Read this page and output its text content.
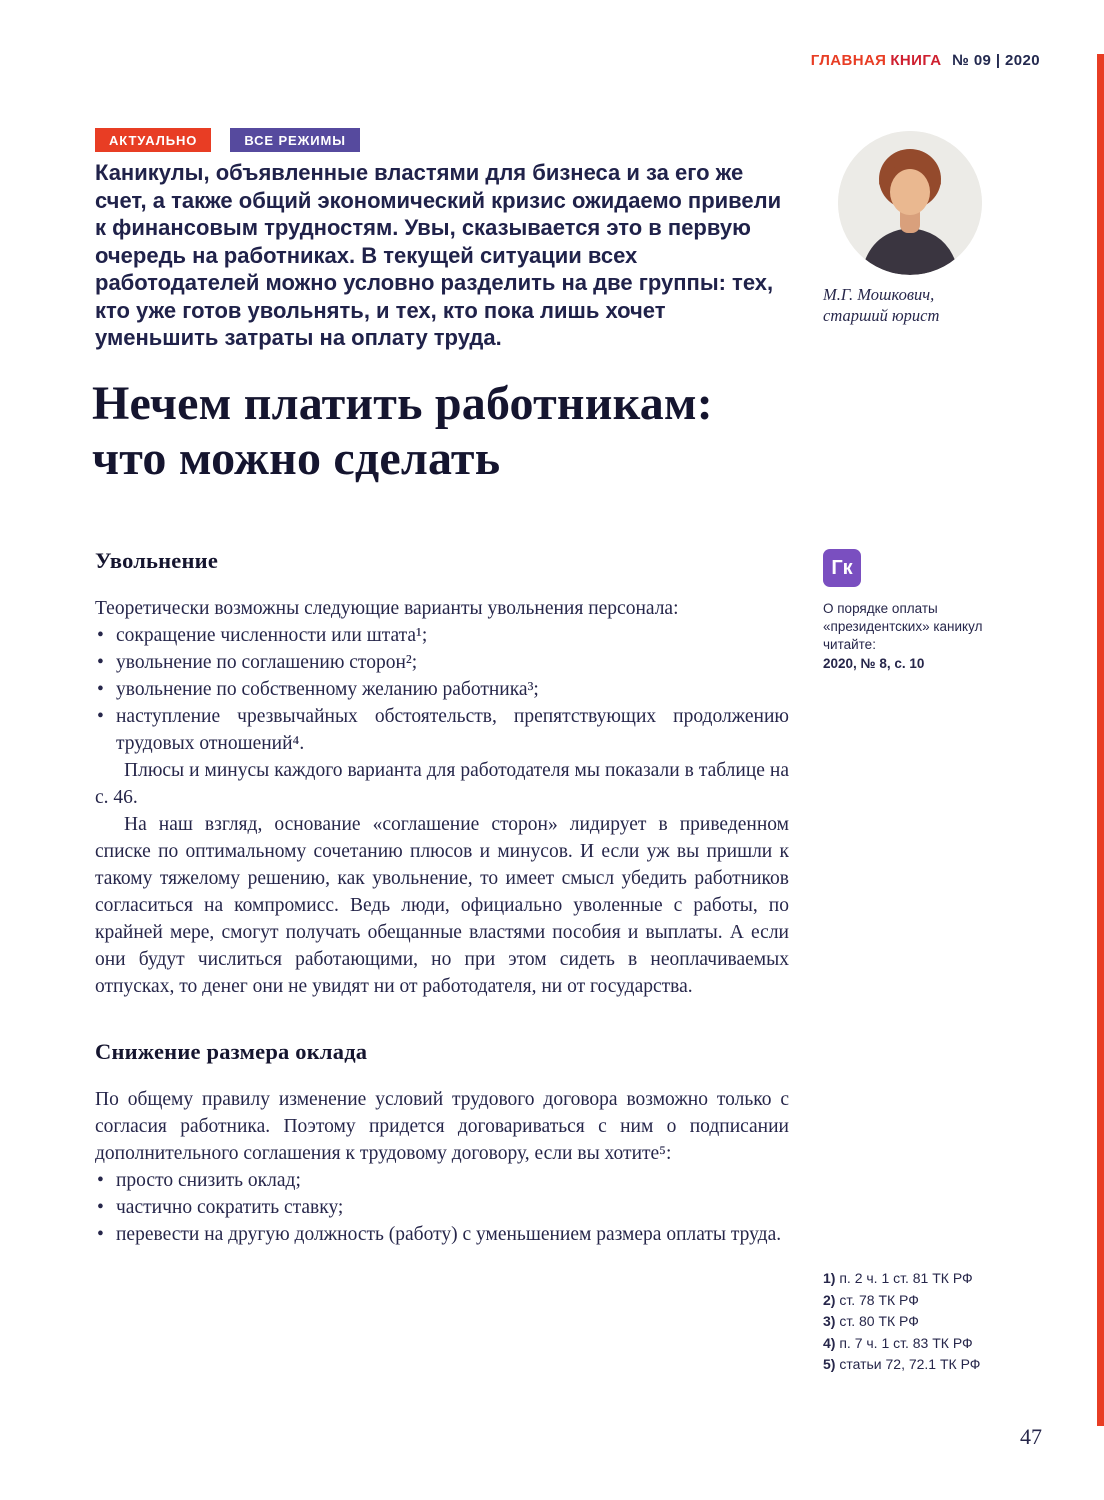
ГЛАВНАЯ КНИГА № 09 | 2020
АКТУАЛЬНО	ВСЕ РЕЖИМЫ

Каникулы, объявленные властями для бизнеса и за его же счет, а также общий экономический кризис ожидаемо привели к финансовым трудностям. Увы, сказывается это в первую очередь на работниках. В текущей ситуации всех работодателей можно условно разделить на две группы: тех, кто уже готов увольнять, и тех, кто пока лишь хочет уменьшить затраты на оплату труда.

М.Г. Мошкович,
старший юрист
Нечем платить работникам:
что можно сделать
Увольнение

Теоретически возможны следующие варианты увольнения персонала:

• сокращение численности или штата¹;
• увольнение по соглашению сторон²;
• увольнение по собственному желанию работника³;
• наступление чрезвычайных обстоятельств, препятствующих продолжению трудовых отношений⁴.

Плюсы и минусы каждого варианта для работодателя мы показали в таблице на с. 46.

На наш взгляд, основание «соглашение сторон» лидирует в приведенном списке по оптимальному сочетанию плюсов и минусов. И если уж вы пришли к такому тяжелому решению, как увольнение, то имеет смысл убедить работников согласиться на компромисс. Ведь люди, официально уволенные с работы, по крайней мере, смогут получать обещанные властями пособия и выплаты. А если они будут числиться работающими, но при этом сидеть в неоплачиваемых отпусках, то денег они не увидят ни от работодателя, ни от государства.

Снижение размера оклада

По общему правилу изменение условий трудового договора возможно только с согласия работника. Поэтому придется договариваться с ним о подписании дополнительного соглашения к трудовому договору, если вы хотите⁵:

• просто снизить оклад;
• частично сократить ставку;
• перевести на другую должность (работу) с уменьшением размера оплаты труда.
Гк

О порядке оплаты «президентских» каникул читайте:

2020, № 8, с. 10

1) п. 2 ч. 1 ст. 81 ТК РФ
2) ст. 78 ТК РФ
3) ст. 80 ТК РФ
4) п. 7 ч. 1 ст. 83 ТК РФ
5) статьи 72, 72.1 ТК РФ
47
